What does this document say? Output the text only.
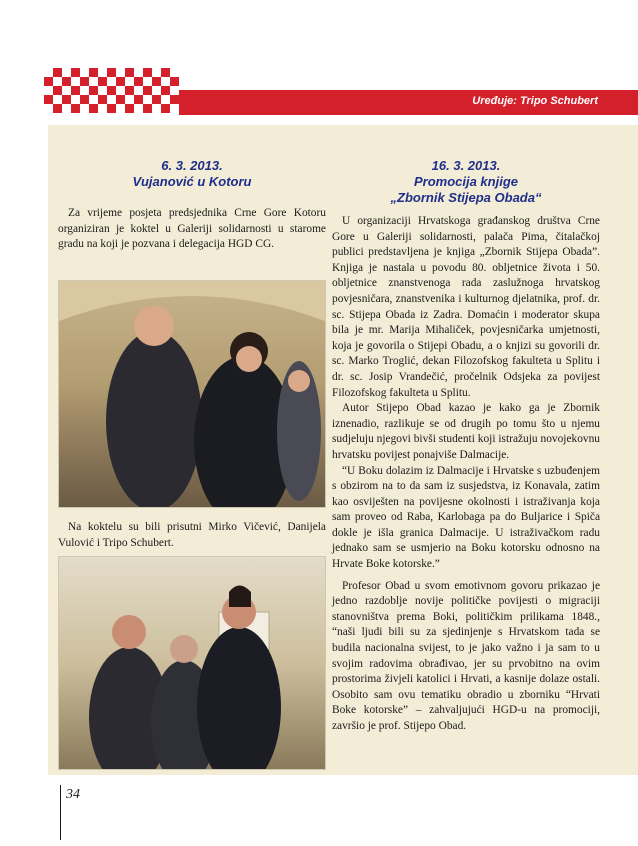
Uređuje: Tripo Schubert
6. 3. 2013.
Vujanović u Kotoru

Za vrijeme posjeta predsjednika Crne Gore Kotoru organiziran je koktel u Galeriji solidarnosti u starome gradu na koji je pozvana i delegacija HGD CG.

Na koktelu su bili prisutni Mirko Vičević, Danijela Vulović i Tripo Schubert.

16. 3. 2013.
Promocija knjige
„Zbornik Stijepa Obada“

U organizaciji Hrvatskoga građanskog društva Crne Gore u Galeriji solidarnosti, palača Pima, čitalačkoj publici predstavljena je knjiga „Zbornik Stijepa Obada”. Knjiga je nastala u povodu 80. obljetnice života i 50. obljetnice znanstvenoga rada zaslužnoga hrvatskog povjesničara, znanstvenika i kulturnog djelatnika, prof. dr. sc. Stijepa Obada iz Zadra. Domaćin i moderator skupa bila je mr. Marija Mihaliček, povjesničarka umjetnosti, koja je govorila o Stijepi Obadu, a o knjizi su govorili dr. sc. Marko Troglić, dekan Filozofskog fakulteta u Splitu i dr. sc. Josip Vrandečić, pročelnik Odsjeka za povijest Filozofskog fakulteta u Splitu.

Autor Stijepo Obad kazao je kako ga je Zbornik iznenadio, razlikuje se od drugih po tomu što u njemu sudjeluju njegovi bivši studenti koji istražuju novojekovnu hrvatsku povijest ponajviše Dalmacije.

“U Boku dolazim iz Dalmacije i Hrvatske s uzbuđenjem s obzirom na to da sam iz susjedstva, iz Konavala, zatim kao osviješten na povijesne okolnosti i istraživanja koja sam proveo od Raba, Karlobaga pa do Buljarice i Spiča dokle je išla granica Dalmacije. U istraživačkom radu jednako sam se usmjerio na Boku kotorsku odnosno na Hrvate Boke kotorske.”

Profesor Obad u svom emotivnom govoru prikazao je jedno razdoblje novije političke povijesti o migraciji stanovništva prema Boki, političkim prilikama 1848., “naši ljudi bili su za sjedinjenje s Hrvatskom tada se budila nacionalna svijest, to je jako važno i ja sam to u svojim radovima obrađivao, jer su prvobitno na ovim prostorima živjeli katolici i Hrvati, a kasnije dolaze ostali. Osobito sam ovu tematiku obradio u zborniku “Hrvati Boke kotorske” – zahvaljujući HGD-u na promociji, završio je prof. Stijepo Obad.

34
